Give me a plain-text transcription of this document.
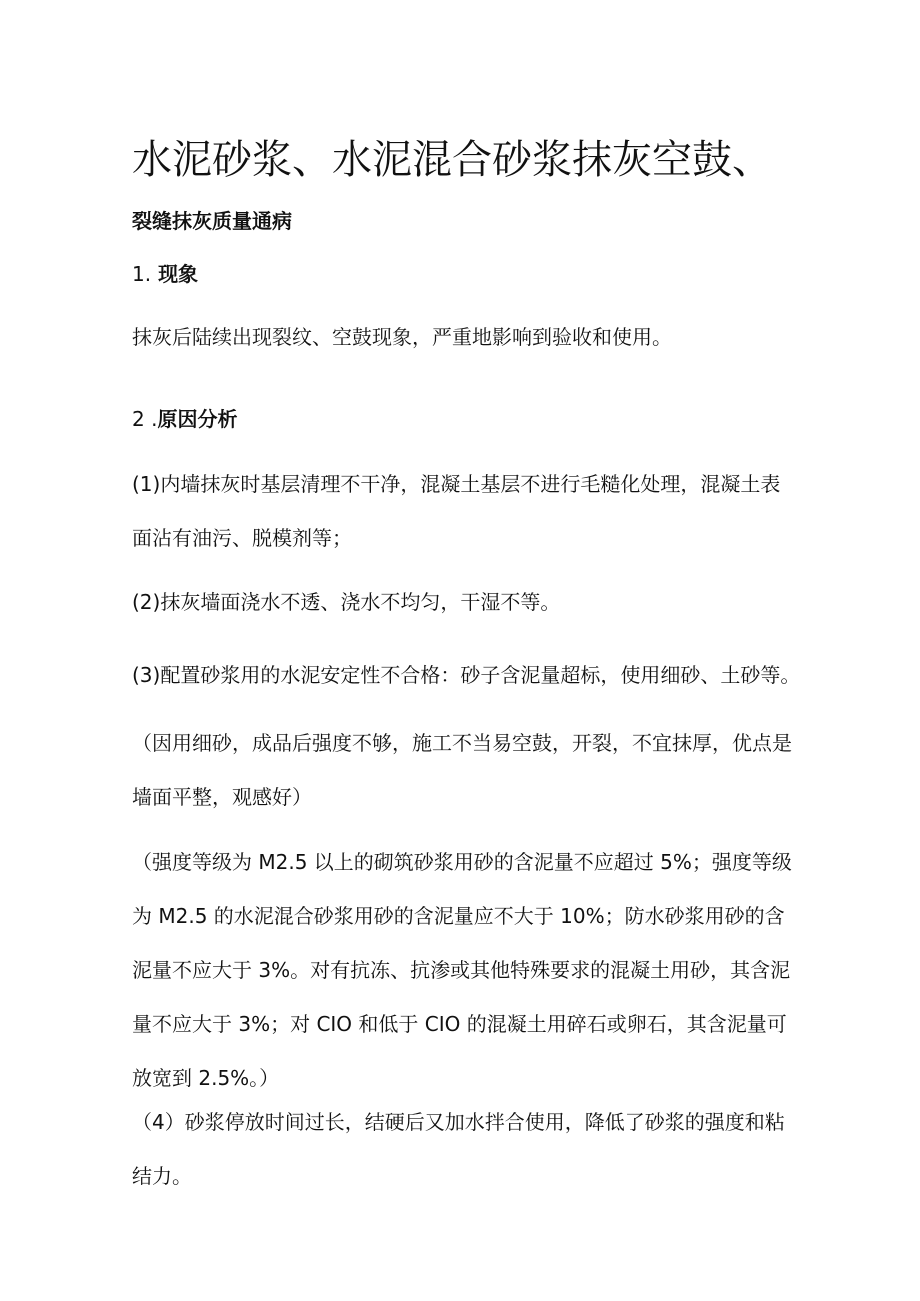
水泥砂浆、水泥混合砂浆抹灰空鼓、
裂缝抹灰质量通病
1. 现象

抹灰后陆续出现裂纹、空鼓现象，严重地影响到验收和使用。

2 .原因分析

(1)内墙抹灰时基层清理不干净，混凝土基层不进行毛糙化处理，混凝土表面沾有油污、脱模剂等；

(2)抹灰墙面浇水不透、浇水不均匀，干湿不等。

(3)配置砂浆用的水泥安定性不合格：砂子含泥量超标，使用细砂、土砂等。

（因用细砂，成品后强度不够，施工不当易空鼓，开裂，不宜抹厚，优点是墙面平整，观感好）

（强度等级为 M2.5 以上的砌筑砂浆用砂的含泥量不应超过 5%；强度等级为 M2.5 的水泥混合砂浆用砂的含泥量应不大于 10%；防水砂浆用砂的含泥量不应大于 3%。对有抗冻、抗渗或其他特殊要求的混凝土用砂，其含泥量不应大于 3%；对 CIO 和低于 CIO 的混凝土用碎石或卵石，其含泥量可放宽到 2.5%。）

（4）砂浆停放时间过长，结硬后又加水拌合使用，降低了砂浆的强度和粘结力。
